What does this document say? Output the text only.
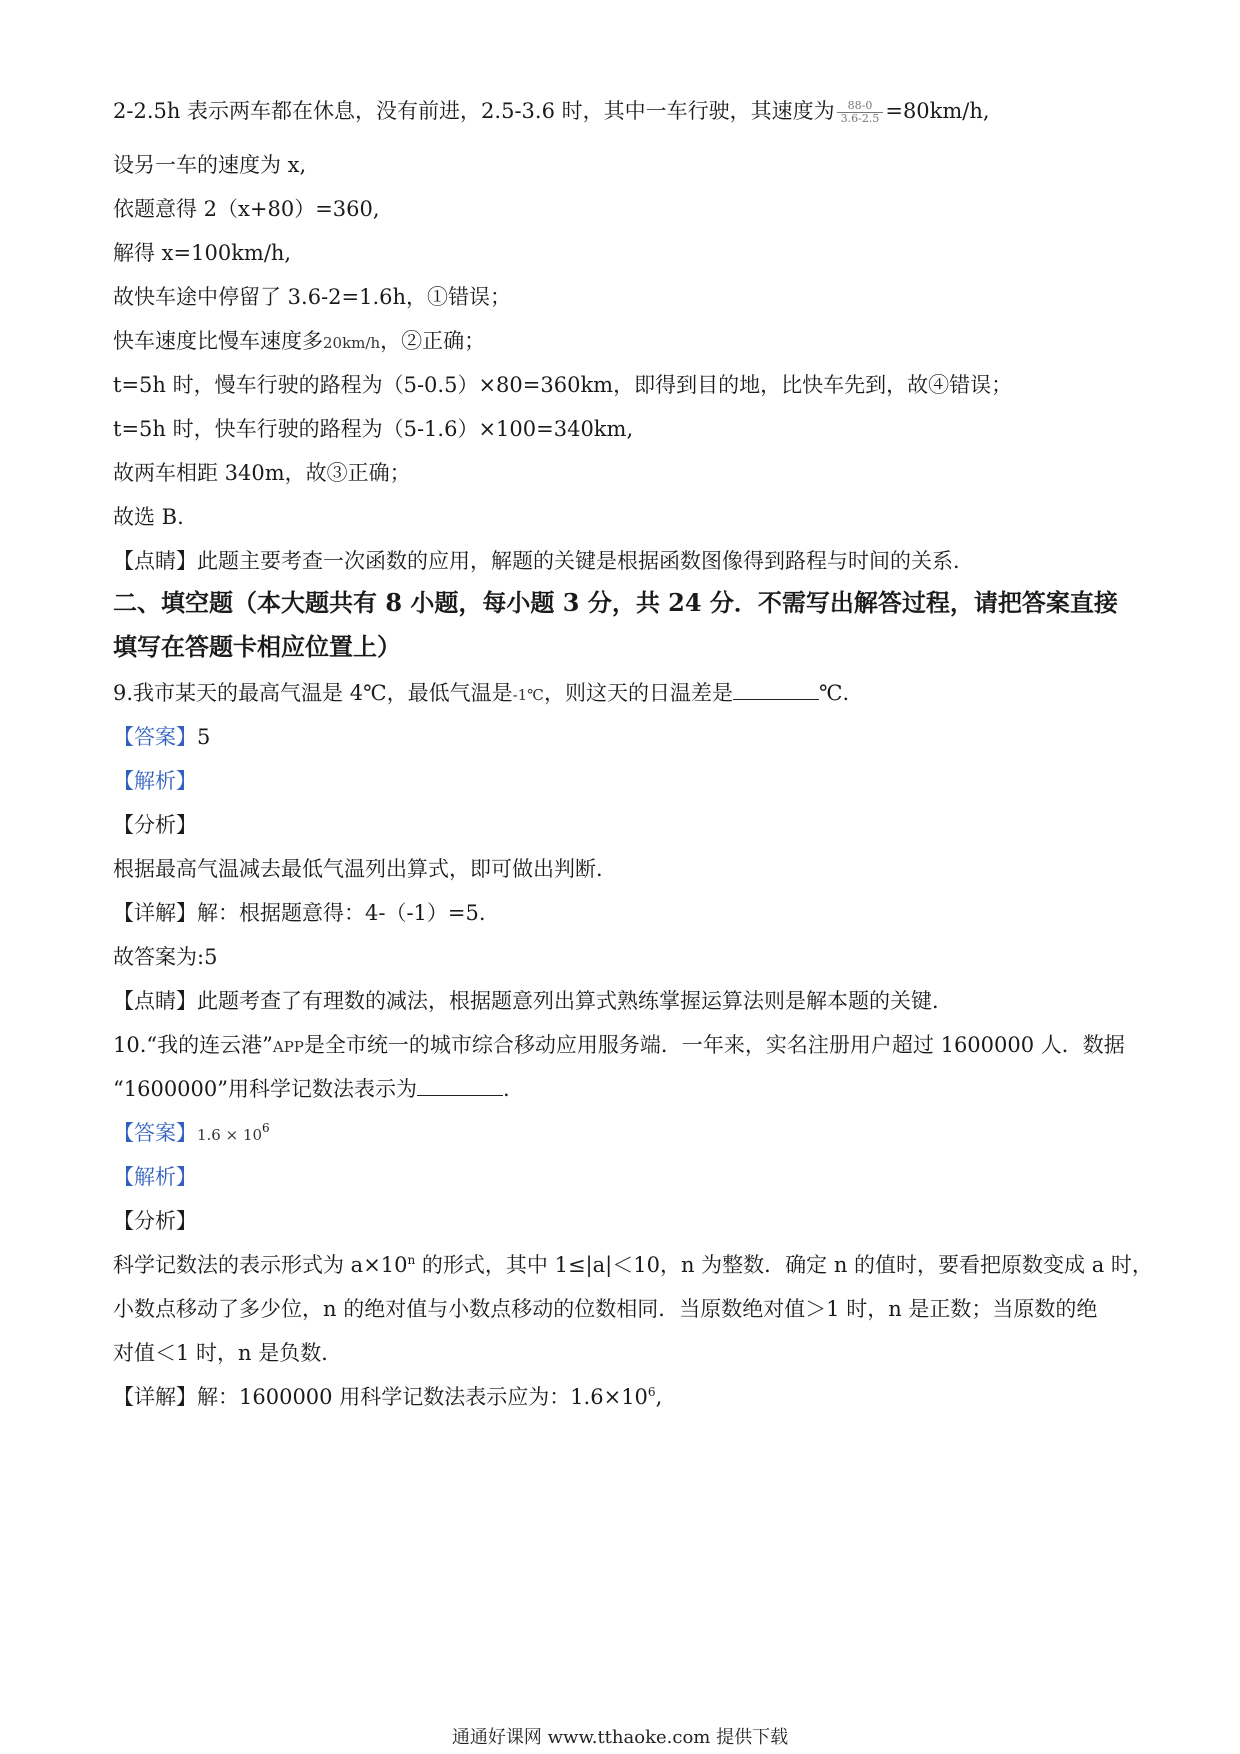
2-2.5h 表示两车都在休息，没有前进，2.5-3.6 时，其中一车行驶，其速度为 $\frac{88-0}{3.6-2.5} =80km/h$,
设另一车的速度为 x,
依题意得 2（x+80）=360,
解得 x=100km/h,
故快车途中停留了 3.6-2=1.6h，①错误；
快车速度比慢车速度多20km/h，②正确；
t=5h 时，慢车行驶的路程为（5-0.5）×80=360km，即得到目的地，比快车先到，故④错误；
t=5h 时，快车行驶的路程为（5-1.6）×100=340km,
故两车相距 340m，故③正确；
故选 B.
【点睛】此题主要考查一次函数的应用，解题的关键是根据函数图像得到路程与时间的关系．
二、填空题（本大题共有 8 小题，每小题 3 分，共 24 分．不需写出解答过程，请把答案直接
填写在答题卡相应位置上）
9.我市某天的最高气温是 4℃，最低气温是-1℃，则这天的日温差是	℃.
【答案】5
【解析】
【分析】
根据最高气温减去最低气温列出算式，即可做出判断．
【详解】解：根据题意得：4-（-1）=5.
故答案为:5
【点睛】此题考查了有理数的减法，根据题意列出算式熟练掌握运算法则是解本题的关键．
10.“我的连云港”APP是全市统一的城市综合移动应用服务端．一年来，实名注册用户超过 1600000 人．数据
“1600000”用科学记数法表示为	.
【答案】$1.6 \times 10^6$
【解析】
【分析】
科学记数法的表示形式为 $a\times 10^n$ 的形式，其中 1≤|a|＜10，n 为整数．确定 n 的值时，要看把原数变成 a 时，
小数点移动了多少位，n 的绝对值与小数点移动的位数相同．当原数绝对值＞1 时，n 是正数；当原数的绝
对值＜1 时，n 是负数．
【详解】解：1600000 用科学记数法表示应为：$1.6\times 10^6$,
通通好课网 www.tthaoke.com 提供下载
